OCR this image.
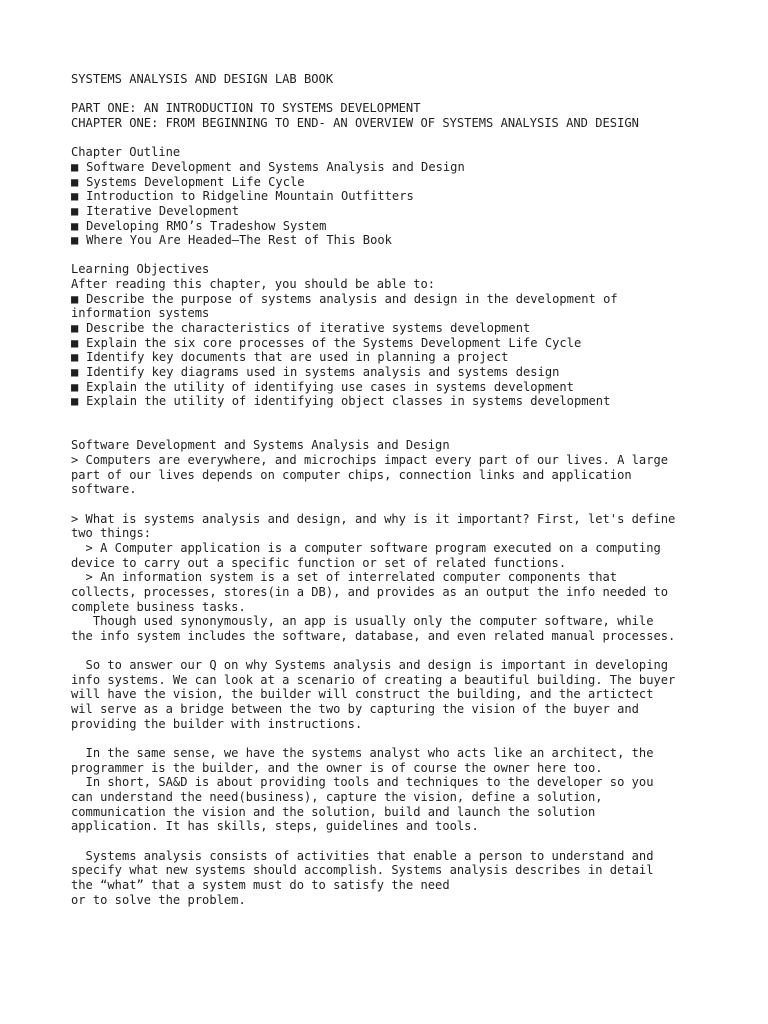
SYSTEMS ANALYSIS AND DESIGN LAB BOOK
PART ONE: AN INTRODUCTION TO SYSTEMS DEVELOPMENT
CHAPTER ONE: FROM BEGINNING TO END- AN OVERVIEW OF SYSTEMS ANALYSIS AND DESIGN
Chapter Outline
■ Software Development and Systems Analysis and Design
■ Systems Development Life Cycle
■ Introduction to Ridgeline Mountain Outfitters
■ Iterative Development
■ Developing RMO’s Tradeshow System
■ Where You Are Headed—The Rest of This Book
Learning Objectives
After reading this chapter, you should be able to:
■ Describe the purpose of systems analysis and design in the development of
information systems
■ Describe the characteristics of iterative systems development
■ Explain the six core processes of the Systems Development Life Cycle
■ Identify key documents that are used in planning a project
■ Identify key diagrams used in systems analysis and systems design
■ Explain the utility of identifying use cases in systems development
■ Explain the utility of identifying object classes in systems development
Software Development and Systems Analysis and Design
> Computers are everywhere, and microchips impact every part of our lives. A large
part of our lives depends on computer chips, connection links and application
software.
> What is systems analysis and design, and why is it important? First, let's define
two things:
> A Computer application is a computer software program executed on a computing
device to carry out a specific function or set of related functions.
> An information system is a set of interrelated computer components that
collects, processes, stores(in a DB), and provides as an output the info needed to
complete business tasks.
Though used synonymously, an app is usually only the computer software, while
the info system includes the software, database, and even related manual processes.
So to answer our Q on why Systems analysis and design is important in developing
info systems. We can look at a scenario of creating a beautiful building. The buyer
will have the vision, the builder will construct the building, and the artictect
wil serve as a bridge between the two by capturing the vision of the buyer and
providing the builder with instructions.
In the same sense, we have the systems analyst who acts like an architect, the
programmer is the builder, and the owner is of course the owner here too.
In short, SA&D is about providing tools and techniques to the developer so you
can understand the need(business), capture the vision, define a solution,
communication the vision and the solution, build and launch the solution
application. It has skills, steps, guidelines and tools.
Systems analysis consists of activities that enable a person to understand and
specify what new systems should accomplish. Systems analysis describes in detail
the “what” that a system must do to satisfy the need
or to solve the problem.
